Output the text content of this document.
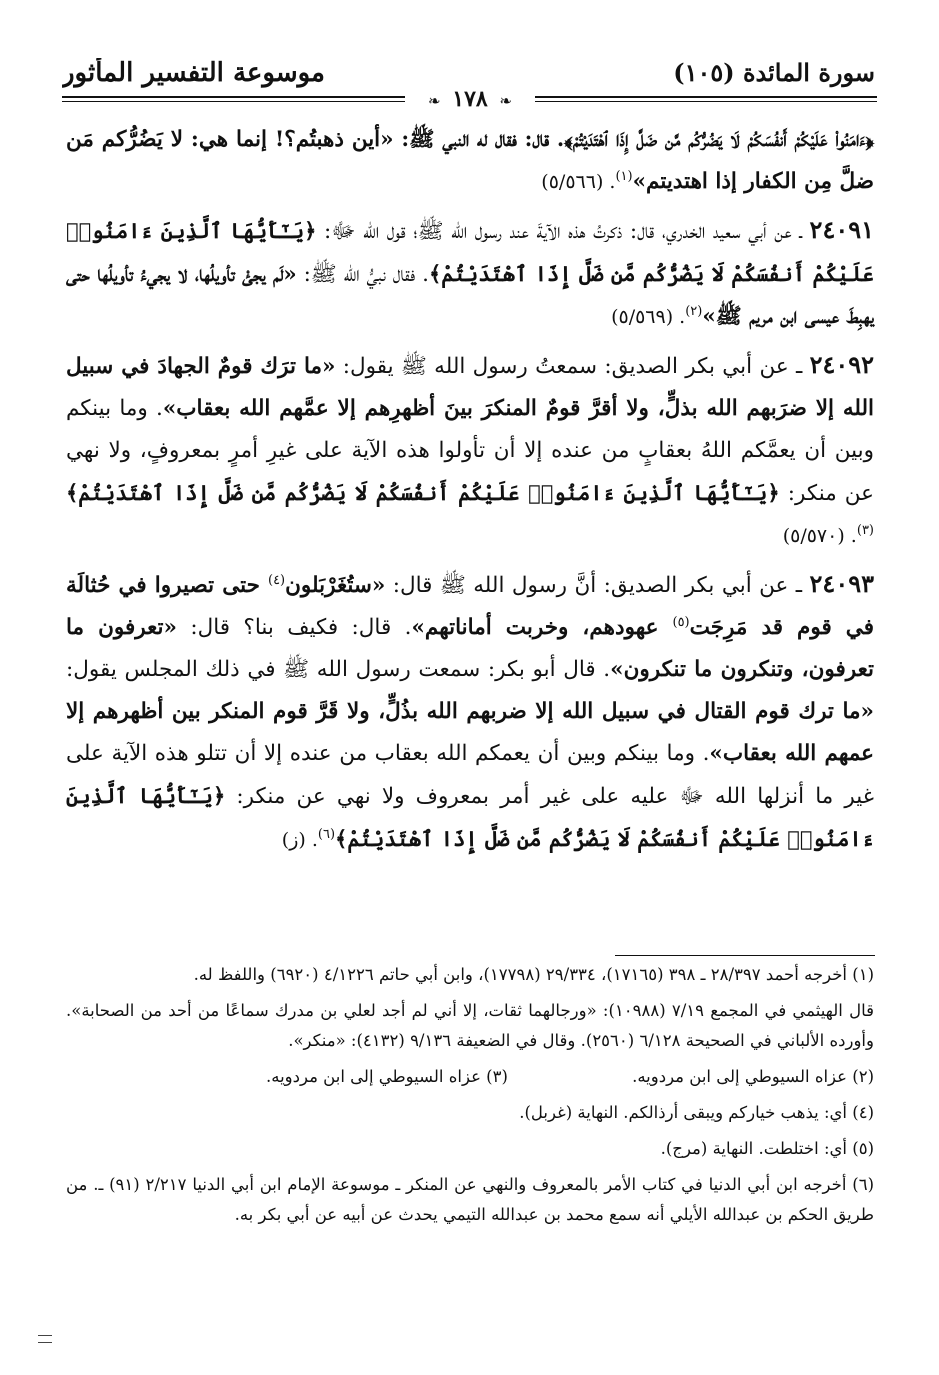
موسوعة التفسير المأثور	سورة المائدة (١٠٥)
❧ ١٧٨ ❧

﴿ءَامَنُوا۟ عَلَيْكُمْ أَنفُسَكُمْ لَا يَضُرُّكُم مَّن ضَلَّ إِذَا ٱهْتَدَيْتُمْ﴾. قال: فقال له النبي ﷺ: «أين ذهبتُم؟! إنما هي: لا يَضُرُّكم مَن ضلَّ مِن الكفار إذا اهتديتم»$^{(١)}$. (٥/٥٦٦)

٢٤٠٩١ ـ عن أبي سعيد الخدري، قال: ذكرتُ هذه الآيةَ عند رسول الله ﷺ؛ قول الله ﷻ: ﴿يَـٰٓأَيُّهَا ٱلَّذِينَ ءَامَنُوا۟ عَلَيْكُمْ أَنفُسَكُمْ لَا يَضُرُّكُم مَّن ضَلَّ إِذَا ٱهْتَدَيْتُمْ﴾. فقال نبيُّ الله ﷺ: «لَم يجئْ تأويلُها، لا يجيءُ تأويلُها حتى يهبِطَ عيسى ابن مريم ﷺ»$^{(٢)}$. (٥/٥٦٩)

٢٤٠٩٢ ـ عن أبي بكر الصديق: سمعتُ رسول الله ﷺ يقول: «ما ترَك قومٌ الجهادَ في سبيل الله إلا ضرَبهم الله بذلٍّ، ولا أقرَّ قومٌ المنكرَ بينَ أظهرِهم إلا عمَّهم الله بعقاب». وما بينكم وبين أن يعمَّكم اللهُ بعقابٍ من عنده إلا أن تأولوا هذه الآية على غيرِ أمرٍ بمعروفٍ، ولا نهي عن منكر: ﴿يَـٰٓأَيُّهَا ٱلَّذِينَ ءَامَنُوا۟ عَلَيْكُمْ أَنفُسَكُمْ لَا يَضُرُّكُم مَّن ضَلَّ إِذَا ٱهْتَدَيْتُمْ﴾$^{(٣)}$. (٥/٥٧٠)

٢٤٠٩٣ ـ عن أبي بكر الصديق: أنَّ رسول الله ﷺ قال: «ستُغَرْبَلون$^{(٤)}$ حتى تصيروا في حُثالَة في قوم قد مَرِجَت$^{(٥)}$ عهودهم، وخربت أماناتهم». قال: فكيف بنا؟ قال: «تعرفون ما تعرفون، وتنكرون ما تنكرون». قال أبو بكر: سمعت رسول الله ﷺ في ذلك المجلس يقول: «ما ترك قوم القتال في سبيل الله إلا ضربهم الله بذُلٍّ، ولا قَرَّ قوم المنكر بين أظهرهم إلا عمهم الله بعقاب». وما بينكم وبين أن يعمكم الله بعقاب من عنده إلا أن تتلو هذه الآية على غير ما أنزلها الله ﷻ عليه على غير أمر بمعروف ولا نهي عن منكر: ﴿يَـٰٓأَيُّهَا ٱلَّذِينَ ءَامَنُوا۟ عَلَيْكُمْ أَنفُسَكُمْ لَا يَضُرُّكُم مَّن ضَلَّ إِذَا ٱهْتَدَيْتُمْ﴾$^{(٦)}$. (ز)

(١) أخرجه أحمد ٢٨/٣٩٧ ـ ٣٩٨ (١٧١٦٥)، ٢٩/٣٣٤ (١٧٧٩٨)، وابن أبي حاتم ٤/١٢٢٦ (٦٩٢٠) واللفظ له.

قال الهيثمي في المجمع ٧/١٩ (١٠٩٨٨): «ورجالهما ثقات، إلا أني لم أجد لعلي بن مدرك سماعًا من أحد من الصحابة». وأورده الألباني في الصحيحة ٦/١٢٨ (٢٥٦٠). وقال في الضعيفة ٩/١٣٦ (٤١٣٢): «منكر».

(٢) عزاه السيوطي إلى ابن مردويه.
(٣) عزاه السيوطي إلى ابن مردويه.

(٤) أي: يذهب خياركم ويبقى أرذالكم. النهاية (غربل).

(٥) أي: اختلطت. النهاية (مرج).

(٦) أخرجه ابن أبي الدنيا في كتاب الأمر بالمعروف والنهي عن المنكر ـ موسوعة الإمام ابن أبي الدنيا ٢/٢١٧ (٩١) ـ. من طريق الحكم بن عبدالله الأيلي أنه سمع محمد بن عبدالله التيمي يحدث عن أبيه عن أبي بكر به.
